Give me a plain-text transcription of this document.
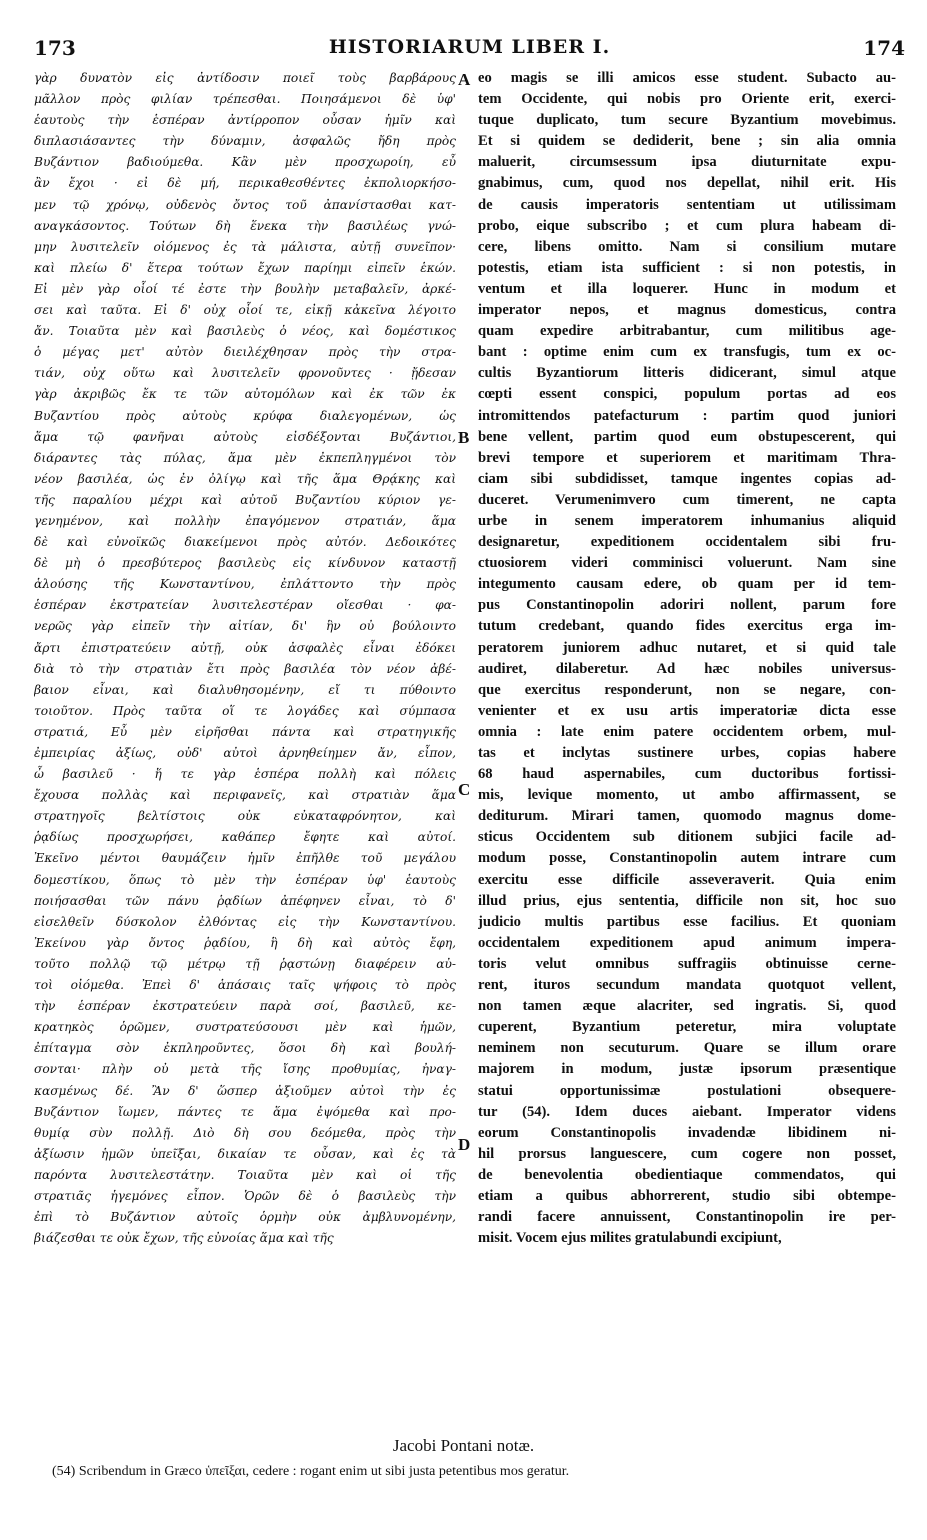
173	HISTORIARUM LIBER I.	174
γὰρ δυνατὸν εἰς ἀντίδοσιν ποιεῖ τοὺς βαρβάρους
μᾶλλον πρὸς φιλίαν τρέπεσθαι. Ποιησάμενοι δὲ ὑφ'
ἑαυτοὺς τὴν ἑσπέραν ἀντίρροπον οὖσαν ἡμῖν καὶ
διπλασιάσαντες τὴν δύναμιν, ἀσφαλῶς ἤδη πρὸς
Βυζάντιον βαδιούμεθα. Κἂν μὲν προσχωροίη, εὖ
ἂν ἔχοι · εἰ δὲ μή, περικαθεσθέντες ἐκπολιορκήσο-
μεν τῷ χρόνῳ, οὐδενὸς ὄντος τοῦ ἀπανίστασθαι κατ-
αναγκάσοντος. Τούτων δὴ ἕνεκα τὴν βασιλέως γνώ-
μην λυσιτελεῖν οἰόμενος ἐς τὰ μάλιστα, αὐτῇ συνεῖπον·
καὶ πλείω δ' ἕτερα τούτων ἔχων παρίημι εἰπεῖν ἑκών.
Εἰ μὲν γὰρ οἷοί τέ ἐστε τὴν βουλὴν μεταβαλεῖν, ἀρκέ-
σει καὶ ταῦτα. Εἰ δ' οὐχ οἷοί τε, εἰκῇ κἀκεῖνα λέγοιτο
ἄν. Τοιαῦτα μὲν καὶ βασιλεὺς ὁ νέος, καὶ δομέστικος
ὁ μέγας μετ' αὐτὸν διειλέχθησαν πρὸς τὴν στρα-
τιάν, οὐχ οὕτω καὶ λυσιτελεῖν φρονοῦντες · ᾔδεσαν
γὰρ ἀκριβῶς ἔκ τε τῶν αὐτομόλων καὶ ἐκ τῶν ἐκ
Βυζαντίου πρὸς αὐτοὺς κρύφα διαλεγομένων, ὡς
ἅμα τῷ φανῆναι αὐτοὺς εἰσδέξονται Βυζάντιοι,
διάραντες τὰς πύλας, ἅμα μὲν ἐκπεπληγμένοι τὸν
νέον βασιλέα, ὡς ἐν ὀλίγῳ καὶ τῆς ἅμα Θρᾴκης καὶ
τῆς παραλίου μέχρι καὶ αὐτοῦ Βυζαντίου κύριον γε-
γενημένον, καὶ πολλὴν ἐπαγόμενον στρατιάν, ἅμα
δὲ καὶ εὐνοϊκῶς διακείμενοι πρὸς αὐτόν. Δεδοικότες
δὲ μὴ ὁ πρεσβύτερος βασιλεὺς εἰς κίνδυνον καταστῇ
ἁλούσης τῆς Κωνσταντίνου, ἐπλάττοντο τὴν πρὸς
ἑσπέραν ἐκστρατείαν λυσιτελεστέραν οἴεσθαι · φα-
νερῶς γὰρ εἰπεῖν τὴν αἰτίαν, δι' ἣν οὐ βούλοιντο
ἄρτι ἐπιστρατεύειν αὐτῇ, οὐκ ἀσφαλὲς εἶναι ἐδόκει
διὰ τὸ τὴν στρατιὰν ἔτι πρὸς βασιλέα τὸν νέον ἀβέ-
βαιον εἶναι, καὶ διαλυθησομένην, εἴ τι πύθοιντο
τοιοῦτον. Πρὸς ταῦτα οἵ τε λογάδες καὶ σύμπασα
στρατιά, Εὖ μὲν εἰρῆσθαι πάντα καὶ στρατηγικῆς
ἐμπειρίας ἀξίως, οὐδ' αὐτοὶ ἀρνηθείημεν ἄν, εἶπον,
ὦ βασιλεῦ · ἥ τε γὰρ ἑσπέρα πολλὴ καὶ πόλεις
ἔχουσα πολλὰς καὶ περιφανεῖς, καὶ στρατιὰν ἅμα
στρατηγοῖς βελτίστοις οὐκ εὐκαταφρόνητον, καὶ
ῥᾳδίως προσχωρήσει, καθάπερ ἔφητε καὶ αὐτοί.
Ἐκεῖνο μέντοι θαυμάζειν ἡμῖν ἐπῆλθε τοῦ μεγάλου
δομεστίκου, ὅπως τὸ μὲν τὴν ἑσπέραν ὑφ' ἑαυτοὺς
ποιήσασθαι τῶν πάνυ ῥᾳδίων ἀπέφηνεν εἶναι, τὸ δ'
εἰσελθεῖν δύσκολον ἐλθόντας εἰς τὴν Κωνσταντίνου.
Ἐκείνου γὰρ ὄντος ῥᾳδίου, ἣ δὴ καὶ αὐτὸς ἔφη,
τοῦτο πολλῷ τῷ μέτρῳ τῇ ῥᾳστώνῃ διαφέρειν αὐ-
τοὶ οἰόμεθα. Ἐπεὶ δ' ἁπάσαις ταῖς ψήφοις τὸ πρὸς
τὴν ἑσπέραν ἐκστρατεύειν παρὰ σοί, βασιλεῦ, κε-
κρατηκὸς ὁρῶμεν, συστρατεύσουσι μὲν καὶ ἡμῶν,
ἐπίταγμα σὸν ἐκπληροῦντες, ὅσοι δὴ καὶ βουλή-
σονται· πλὴν οὐ μετὰ τῆς ἴσης προθυμίας, ἠναγ-
κασμένως δέ. Ἂν δ' ὥσπερ ἀξιοῦμεν αὐτοὶ τὴν ἐς
Βυζάντιον ἴωμεν, πάντες τε ἅμα ἐψόμεθα καὶ προ-
θυμίᾳ σὺν πολλῇ. Διὸ δὴ σου δεόμεθα, πρὸς τὴν
ἀξίωσιν ἡμῶν ὑπεῖξαι, δικαίαν τε οὖσαν, καὶ ἐς τὰ
παρόντα λυσιτελεστάτην. Τοιαῦτα μὲν καὶ οἱ τῆς
στρατιᾶς ἡγεμόνες εἶπον. Ὁρῶν δὲ ὁ βασιλεὺς τὴν
ἐπὶ τὸ Βυζάντιον αὐτοῖς ὁρμὴν οὐκ ἀμβλυνομένην,
βιάζεσθαι τε οὐκ ἔχων, τῆς εὐνοίας ἅμα καὶ τῆς
eo magis se illi amicos esse student. Subacto au-
tem Occidente, qui nobis pro Oriente erit, exerci-
tuque duplicato, tum secure Byzantium movebimus.
Et si quidem se dediderit, bene ; sin alia omnia
maluerit, circumsessum ipsa diuturnitate expu-
gnabimus, cum, quod nos depellat, nihil erit. His
de causis imperatoris sententiam ut utilissimam
probo, eique subscribo ; et cum plura habeam di-
cere, libens omitto. Nam si consilium mutare
potestis, etiam ista sufficient : si non potestis, in
ventum et illa loquerer. Hunc in modum et
imperator nepos, et magnus domesticus, contra
quam expedire arbitrabantur, cum militibus age-
bant : optime enim cum ex transfugis, tum ex oc-
cultis Byzantiorum litteris didicerant, simul atque
cœpti essent conspici, populum portas ad eos
intromittendos patefacturum : partim quod juniori
bene vellent, partim quod eum obstupescerent, qui
brevi tempore et superiorem et maritimam Thra-
ciam sibi subdidisset, tamque ingentes copias ad-
duceret. Verumenimvero cum timerent, ne capta
urbe in senem imperatorem inhumanius aliquid
designaretur, expeditionem occidentalem sibi fru-
ctuosiorem videri comminisci voluerunt. Nam sine
integumento causam edere, ob quam per id tem-
pus Constantinopolin adoriri nollent, parum fore
tutum credebant, quando fides exercitus erga im-
peratorem juniorem adhuc nutaret, et si quid tale
audiret, dilaberetur. Ad hæc nobiles universus-
que exercitus responderunt, non se negare, con-
venienter et ex usu artis imperatoriæ dicta esse
omnia : late enim patere occidentem orbem, mul-
tas et inclytas sustinere urbes, copias habere
68 haud aspernabiles, cum ductoribus fortissi-
mis, levique momento, ut ambo affirmassent, se
dediturum. Mirari tamen, quomodo magnus dome-
sticus Occidentem sub ditionem subjici facile ad-
modum posse, Constantinopolin autem intrare cum
exercitu esse difficile asseveraverit. Quia enim
illud prius, ejus sententia, difficile non sit, hoc suo
judicio multis partibus esse facilius. Et quoniam
occidentalem expeditionem apud animum impera-
toris velut omnibus suffragiis obtinuisse cerne-
rent, ituros secundum mandata quotquot vellent,
non tamen æque alacriter, sed ingratis. Si, quod
cuperent, Byzantium peteretur, mira voluptate
neminem non secuturum. Quare se illum orare
majorem in modum, justæ ipsorum præsentique
statui opportunissimæ postulationi obsequere-
tur (54). Idem duces aiebant. Imperator videns
eorum Constantinopolis invadendæ libidinem ni-
hil prorsus languescere, cum cogere non posset,
de benevolentia obedientiaque commendatos, qui
etiam a quibus abhorrerent, studio sibi obtempe-
randi facere annuissent, Constantinopolin ire per-
misit. Vocem ejus milites gratulabundi excipiunt,
A
B
C
D
Jacobi Pontani notæ.
(54) Scribendum in Græco ὑπεῖξαι, cedere : rogant enim ut sibi justa petentibus mos geratur.
